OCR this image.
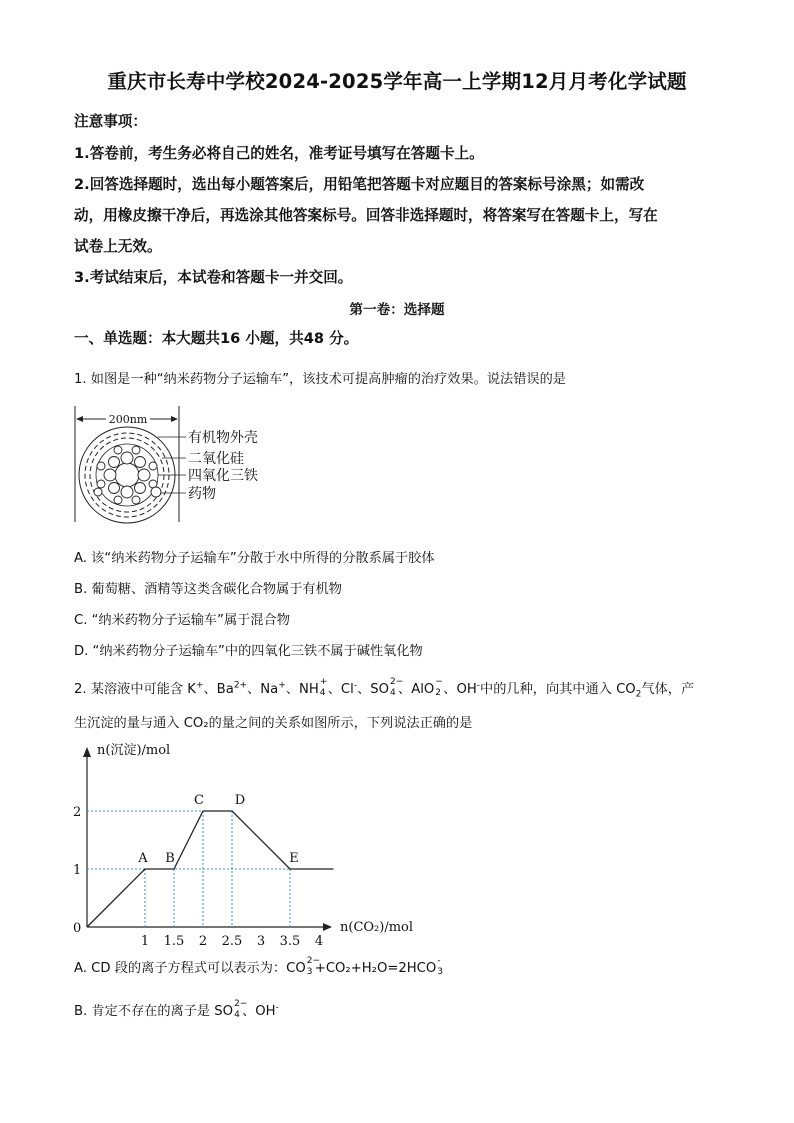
重庆市长寿中学校2024-2025学年高一上学期12月月考化学试题
注意事项：
1.答卷前，考生务必将自己的姓名，准考证号填写在答题卡上。
2.回答选择题时，选出每小题答案后，用铅笔把答题卡对应题目的答案标号涂黑；如需改
动，用橡皮擦干净后，再选涂其他答案标号。回答非选择题时，将答案写在答题卡上，写在
试卷上无效。
3.考试结束后，本试卷和答题卡一并交回。
第一卷：选择题
一、单选题：本大题共16 小题，共48 分。
1. 如图是一种“纳米药物分子运输车”，该技术可提高肿瘤的治疗效果。说法错误的是
200nm
有机物外壳
二氧化硅
四氧化三铁
药物
A. 该“纳米药物分子运输车”分散于水中所得的分散系属于胶体
B. 葡萄糖、酒精等这类含碳化合物属于有机物
C. “纳米药物分子运输车”属于混合物
D. “纳米药物分子运输车”中的四氧化三铁不属于碱性氧化物
2. 某溶液中可能含 K+、$Ba^{2+}$、Na+、NH +
4 、Cl-、SO 2−
4 、AlO −
2 、OH-中的几种，向其中通入 $CO_2$气体，产
生沉淀的量与通入 CO₂的量之间的关系如图所示，下列说法正确的是
n(沉淀)/mol
n(CO₂)/mol
0
1 1.5 2 2.5 3 3.5 4
1
2
A B
C D
E
A. CD 段的离子方程式可以表示为：CO 2−
3 +CO₂+H₂O=2HCO -
3
B. 肯定不存在的离子是 SO 2−
4 、OH-
